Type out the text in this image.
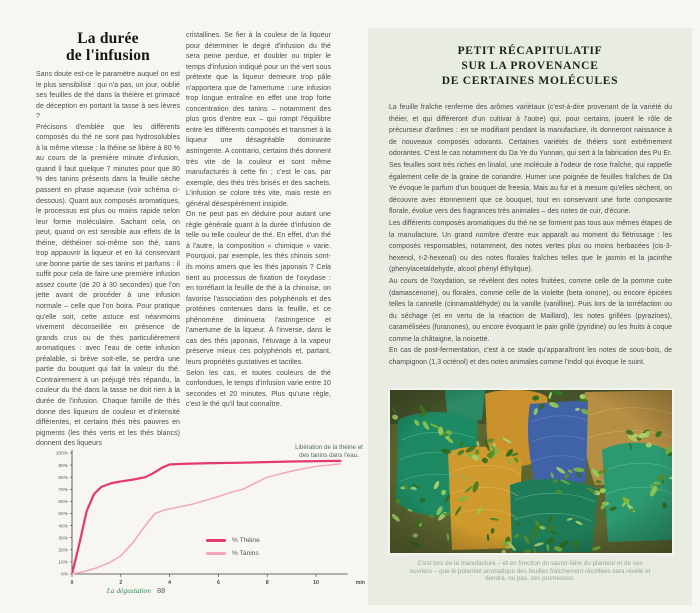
La durée
de l'infusion

Sans doute est-ce le paramètre auquel on est le plus sensibilisé : qui n'a pas, un jour, oublié ses feuilles de thé dans la théière et grimacé de déception en portant la tasse à ses lèvres ?

Précisons d'emblée que les différents composés du thé ne sont pas hydrosolubles à la même vitesse : la théine se libère à 80 % au cours de la première minute d'infusion, quand il faut quelque 7 minutes pour que 80 % des tanins présents dans la feuille sèche passent en phase aqueuse (voir schéma ci-dessous). Quant aux composés aromatiques, le processus est plus ou moins rapide selon leur forme moléculaire. Sachant cela, on peut, quand on est sensible aux effets de la théine, déthéiner soi-même son thé, sans trop appauvrir la liqueur et en lui conservant une bonne partie de ses tanins et parfums : il suffit pour cela de faire une première infusion assez courte (de 20 à 30 secondes) que l'on jette avant de procéder à une infusion normale – celle que l'on boira. Pour pratique qu'elle soit, cette astuce est néanmoins vivement déconseillée en présence de grands crus ou de thés particulièrement aromatiques : avec l'eau de cette infusion préalable, si brève soit-elle, se perdra une partie du bouquet qui fait la valeur du thé. Contrairement à un préjugé très répandu, la couleur du thé dans la tasse ne doit rien à la durée de l'infusion. Chaque famille de thés donne des liqueurs de couleur et d'intensité différentes, et certains thés très pauvres en pigments (les thés verts et les thés blancs) donnent des liqueurs

cristallines. Se fier à la couleur de la liqueur pour déterminer le degré d'infusion du thé sera peine perdue, et doubler ou tripler le temps d'infusion indiqué pour un thé vert sous prétexte que la liqueur demeure trop pâle n'apportera que de l'amertume : une infusion trop longue entraîne en effet une trop forte concentration des tanins – notamment des plus gros d'entre eux – qui rompt l'équilibre entre les différents composés et transmet à la liqueur une désagréable dominante astringente. A contrario, certains thés donnent très vite de la couleur et sont même manufacturés à cette fin ; c'est le cas, par exemple, des thés très brisés et des sachets. L'infusion se colore très vite, mais reste en général désespérément insipide.

On ne peut pas en déduire pour autant une règle générale quant à la durée d'infusion de telle ou telle couleur de thé. En effet, d'un thé à l'autre, la composition « chimique » varie. Pourquoi, par exemple, les thés chinois sont-ils moins amers que les thés japonais ? Cela tient au processus de fixation de l'oxydase : en torréfiant la feuille de thé à la chinoise, on favorise l'association des polyphénols et des protéines contenues dans la feuille, et ce phénomène diminuera l'astringence et l'amertume de la liqueur. À l'inverse, dans le cas des thés japonais, l'étuvage à la vapeur préserve mieux ces polyphénols et, partant, leurs propriétés gustatives et tactiles.

Selon les cas, et toutes couleurs de thé confondues, le temps d'infusion varie entre 10 secondes et 20 minutes. Plus qu'une règle, c'est le thé qu'il faut connaître.

0%
10%
20%
30%
40%
50%
60%
70%
80%
90%
100%
0	2	4	6	8	10	min
Libération de la théine et
des tanins dans l'eau.
% Théine
% Tanins
La dégustation 88
PETIT RÉCAPITULATIF
SUR LA PROVENANCE
DE CERTAINES MOLÉCULES

La feuille fraîche renferme des arômes variétaux (c'est-à-dire provenant de la variété du théier, et qui différeront d'un cultivar à l'autre) qui, pour certains, jouent le rôle de précurseur d'arômes : en se modifiant pendant la manufacture, ils donneront naissance à de nouveaux composés odorants. Certaines variétés de théiers sont extrêmement odorantes. C'est le cas notamment du Da Ye du Yunnan, qui sert à la fabrication des Pu Er. Ses feuilles sont très riches en linalol, une molécule à l'odeur de rose fraîche, qui rappelle également celle de la graine de coriandre. Humer une poignée de feuilles fraîches de Da Ye évoque le parfum d'un bouquet de freesia. Mais au fur et à mesure qu'elles sèchent, on découvre avec étonnement que ce bouquet, tout en conservant une forte composante florale, évolue vers des fragrances très animales – des notes de cuir, d'écurie.

Les différents composés aromatiques du thé ne se forment pas tous aux mêmes étapes de la manufacture. Un grand nombre d'entre eux apparaît au moment du flétrissage : les composés responsables, notamment, des notes vertes plus ou moins herbacées (cis-3-hexenol, t-2-hexenal) ou des notes florales fraîches telles que le jasmin et la jacinthe (phenylacetaldehyde, alcool phényl éthylique).

Au cours de l'oxydation, se révèlent des notes fruitées, comme celle de la pomme cuite (damascenone), ou florales, comme celle de la violette (beta ionone), ou encore épicées telles la cannelle (cinnamaldéhyde) ou la vanille (vanilline). Puis lors de la torréfaction ou du séchage (et en vertu de la réaction de Maillard), les notes grillées (pyrazines), caramélisées (furanones), ou encore évoquant le pain grillé (pyridine) ou les fruits à coque comme la châtaigne, la noisette.

En cas de post-fermentation, c'est à ce stade qu'apparaîtront les notes de sous-bois, de champignon (1,3 octénol) et des notes animales comme l'indol qui évoque le suint.

C'est lors de la manufacture – et en fonction du savoir-faire du planteur et de ses ouvriers – que le potentiel aromatique des feuilles fraîchement récoltées sera révélé et tiendra, ou pas, ses promesses.
